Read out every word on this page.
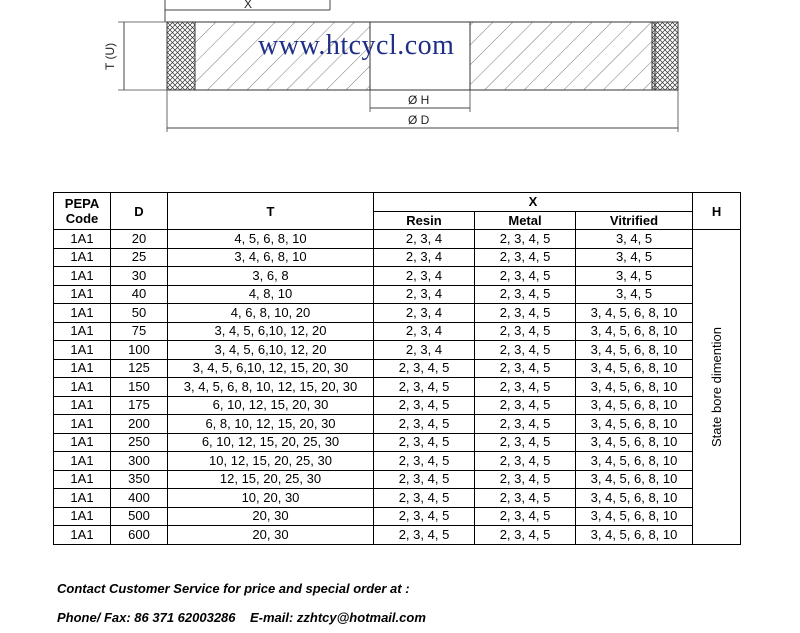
X
T (U)
Ø H
Ø D
www.htcycl.com
PEPA
Code	D	T	X			H
			Resin	Metal	Vitrified	
1A1	20	4, 5, 6, 8, 10	2, 3, 4	2, 3, 4, 5	3, 4, 5	State bore dimention

1A1	25	3, 4, 6, 8, 10	2, 3, 4	2, 3, 4, 5	3, 4, 5	
1A1	30	3, 6, 8	2, 3, 4	2, 3, 4, 5	3, 4, 5	
1A1	40	4, 8, 10	2, 3, 4	2, 3, 4, 5	3, 4, 5	
1A1	50	4, 6, 8, 10, 20	2, 3, 4	2, 3, 4, 5	3, 4, 5, 6, 8, 10	
1A1	75	3, 4, 5, 6,10, 12, 20	2, 3, 4	2, 3, 4, 5	3, 4, 5, 6, 8, 10	
1A1	100	3, 4, 5, 6,10, 12, 20	2, 3, 4	2, 3, 4, 5	3, 4, 5, 6, 8, 10	
1A1	125	3, 4, 5, 6,10, 12, 15, 20, 30	2, 3, 4, 5	2, 3, 4, 5	3, 4, 5, 6, 8, 10	
1A1	150	3, 4, 5, 6, 8, 10, 12, 15, 20, 30	2, 3, 4, 5	2, 3, 4, 5	3, 4, 5, 6, 8, 10	
1A1	175	6, 10, 12, 15, 20, 30	2, 3, 4, 5	2, 3, 4, 5	3, 4, 5, 6, 8, 10	
1A1	200	6, 8, 10, 12, 15, 20, 30	2, 3, 4, 5	2, 3, 4, 5	3, 4, 5, 6, 8, 10	
1A1	250	6, 10, 12, 15, 20, 25, 30	2, 3, 4, 5	2, 3, 4, 5	3, 4, 5, 6, 8, 10	
1A1	300	10, 12, 15, 20, 25, 30	2, 3, 4, 5	2, 3, 4, 5	3, 4, 5, 6, 8, 10	
1A1	350	12, 15, 20, 25, 30	2, 3, 4, 5	2, 3, 4, 5	3, 4, 5, 6, 8, 10	
1A1	400	10, 20, 30	2, 3, 4, 5	2, 3, 4, 5	3, 4, 5, 6, 8, 10	
1A1	500	20, 30	2, 3, 4, 5	2, 3, 4, 5	3, 4, 5, 6, 8, 10	
1A1	600	20, 30	2, 3, 4, 5	2, 3, 4, 5	3, 4, 5, 6, 8, 10	
Contact Customer Service for price and special order at :
Phone/ Fax: 86 371 62003286    E-mail: zzhtcy@hotmail.com
